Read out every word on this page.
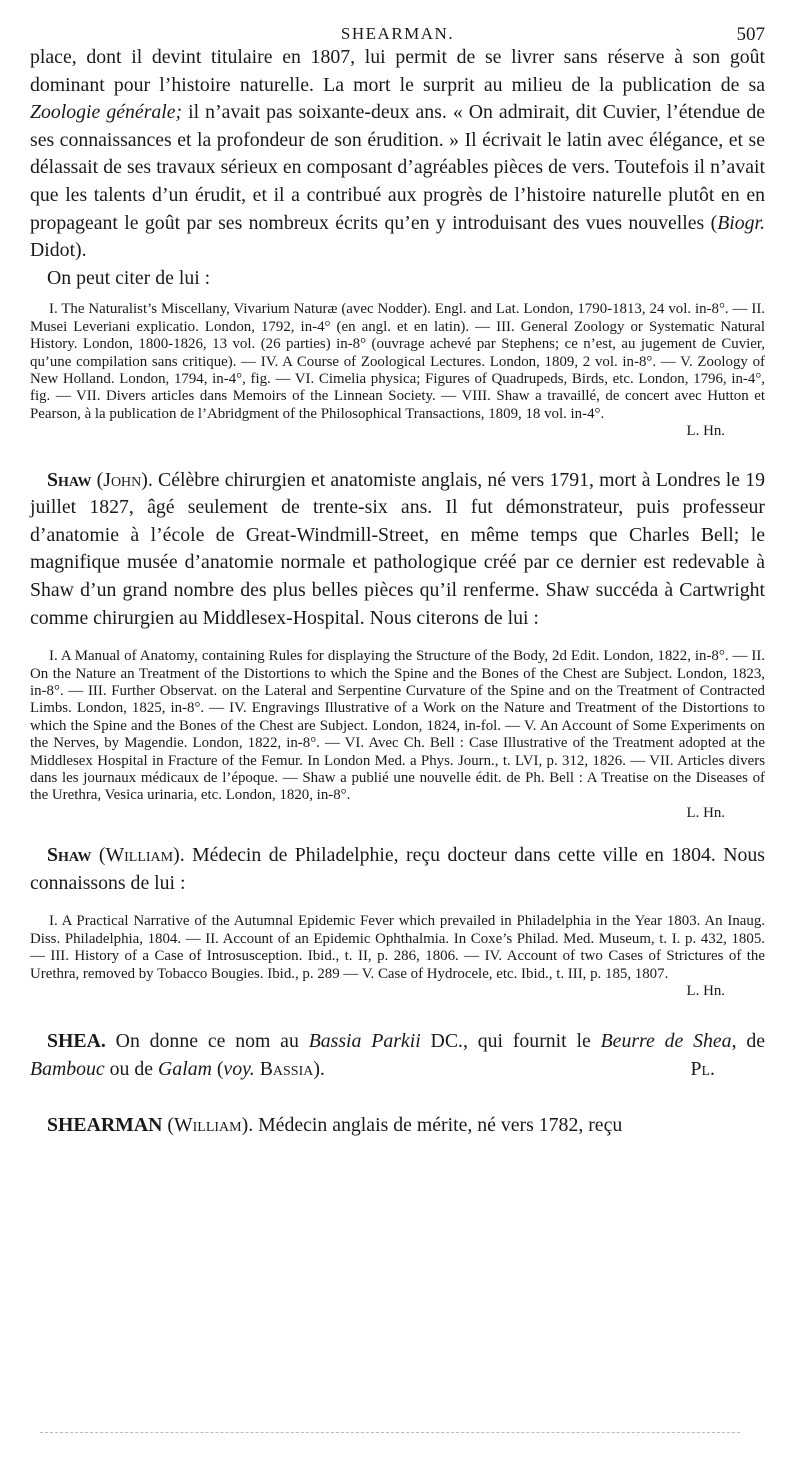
SHEARMAN.	507

place, dont il devint titulaire en 1807, lui permit de se livrer sans réserve à son goût dominant pour l’histoire naturelle. La mort le surprit au milieu de la publication de sa Zoologie générale; il n’avait pas soixante-deux ans. « On admirait, dit Cuvier, l’étendue de ses connaissances et la profondeur de son érudition. » Il écrivait le latin avec élégance, et se délassait de ses travaux sérieux en composant d’agréables pièces de vers. Toutefois il n’avait que les talents d’un érudit, et il a contribué aux progrès de l’histoire naturelle plutôt en en propageant le goût par ses nombreux écrits qu’en y introduisant des vues nouvelles (Biogr. Didot).

On peut citer de lui :

I. The Naturalist’s Miscellany, Vivarium Naturæ (avec Nodder). Engl. and Lat. London, 1790-1813, 24 vol. in-8°. — II. Musei Leveriani explicatio. London, 1792, in-4° (en angl. et en latin). — III. General Zoology or Systematic Natural History. London, 1800-1826, 13 vol. (26 parties) in-8° (ouvrage achevé par Stephens; ce n’est, au jugement de Cuvier, qu’une compilation sans critique). — IV. A Course of Zoological Lectures. London, 1809, 2 vol. in-8°. — V. Zoology of New Holland. London, 1794, in-4°, fig. — VI. Cimelia physica; Figures of Quadrupeds, Birds, etc. London, 1796, in-4°, fig. — VII. Divers articles dans Memoirs of the Linnean Society. — VIII. Shaw a travaillé, de concert avec Hutton et Pearson, à la publication de l’Abridgment of the Philosophical Transactions, 1809, 18 vol. in-4°.

L. Hn.

Shaw (John). Célèbre chirurgien et anatomiste anglais, né vers 1791, mort à Londres le 19 juillet 1827, âgé seulement de trente-six ans. Il fut démonstrateur, puis professeur d’anatomie à l’école de Great-Windmill-Street, en même temps que Charles Bell; le magnifique musée d’anatomie normale et pathologique créé par ce dernier est redevable à Shaw d’un grand nombre des plus belles pièces qu’il renferme. Shaw succéda à Cartwright comme chirurgien au Middlesex-Hospital. Nous citerons de lui :

I. A Manual of Anatomy, containing Rules for displaying the Structure of the Body, 2d Edit. London, 1822, in-8°. — II. On the Nature an Treatment of the Distortions to which the Spine and the Bones of the Chest are Subject. London, 1823, in-8°. — III. Further Observat. on the Lateral and Serpentine Curvature of the Spine and on the Treatment of Contracted Limbs. London, 1825, in-8°. — IV. Engravings Illustrative of a Work on the Nature and Treatment of the Distortions to which the Spine and the Bones of the Chest are Subject. London, 1824, in-fol. — V. An Account of Some Experiments on the Nerves, by Magendie. London, 1822, in-8°. — VI. Avec Ch. Bell : Case Illustrative of the Treatment adopted at the Middlesex Hospital in Fracture of the Femur. In London Med. a Phys. Journ., t. LVI, p. 312, 1826. — VII. Articles divers dans les journaux médicaux de l’époque. — Shaw a publié une nouvelle édit. de Ph. Bell : A Treatise on the Diseases of the Urethra, Vesica urinaria, etc. London, 1820, in-8°.

L. Hn.

Shaw (William). Médecin de Philadelphie, reçu docteur dans cette ville en 1804. Nous connaissons de lui :

I. A Practical Narrative of the Autumnal Epidemic Fever which prevailed in Philadelphia in the Year 1803. An Inaug. Diss. Philadelphia, 1804. — II. Account of an Epidemic Ophthalmia. In Coxe’s Philad. Med. Museum, t. I. p. 432, 1805. — III. History of a Case of Introsusception. Ibid., t. II, p. 286, 1806. — IV. Account of two Cases of Strictures of the Urethra, removed by Tobacco Bougies. Ibid., p. 289 — V. Case of Hydrocele, etc. Ibid., t. III, p. 185, 1807.

L. Hn.

SHEA. On donne ce nom au Bassia Parkii DC., qui fournit le Beurre de Shea, de Bambouc ou de Galam (voy. Bassia).	Pl.

SHEARMAN (William). Médecin anglais de mérite, né vers 1782, reçu
